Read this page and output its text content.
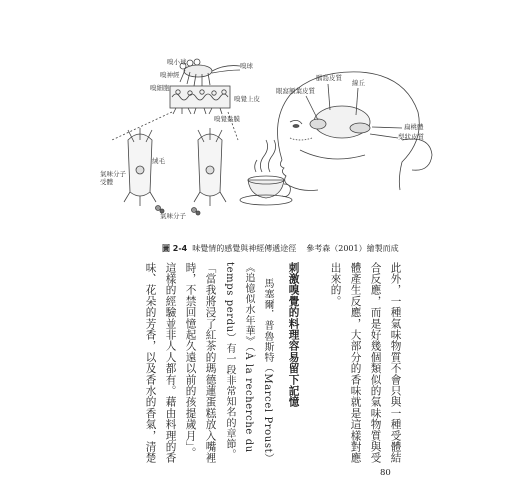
嗅小球	嗅球
嗅神經
嗅細胞
嗅覺上皮
嗅覺黏膜
絨毛
氣味分子受體
氣味分子
腦島皮質
線丘
眼窩額葉皮質
扁桃體
梨狀皮質
圖 2-4 味覺情的感覺與神經傳遞途徑 參考森（2001）繪製而成
此外，一種氣味物質不會只與一種受體結
合反應，而是好幾個類似的氣味物質與受
體產生反應，大部分的香味就是這樣對應
出來的。
刺激嗅覺的料理容易留下記憶
馬塞爾．普魯斯特（Marcel Proust）
《追憶似水年華》（À la recherche du
temps perdu）有一段非常知名的章節。
「當我將浸了紅茶的瑪德蓮蛋糕放入嘴裡
時，不禁回憶起久遠以前的孩提歲月」。
這樣的經驗並非人人都有。藉由料理的香
味、花朵的芳香，以及香水的香氣，清楚
80
